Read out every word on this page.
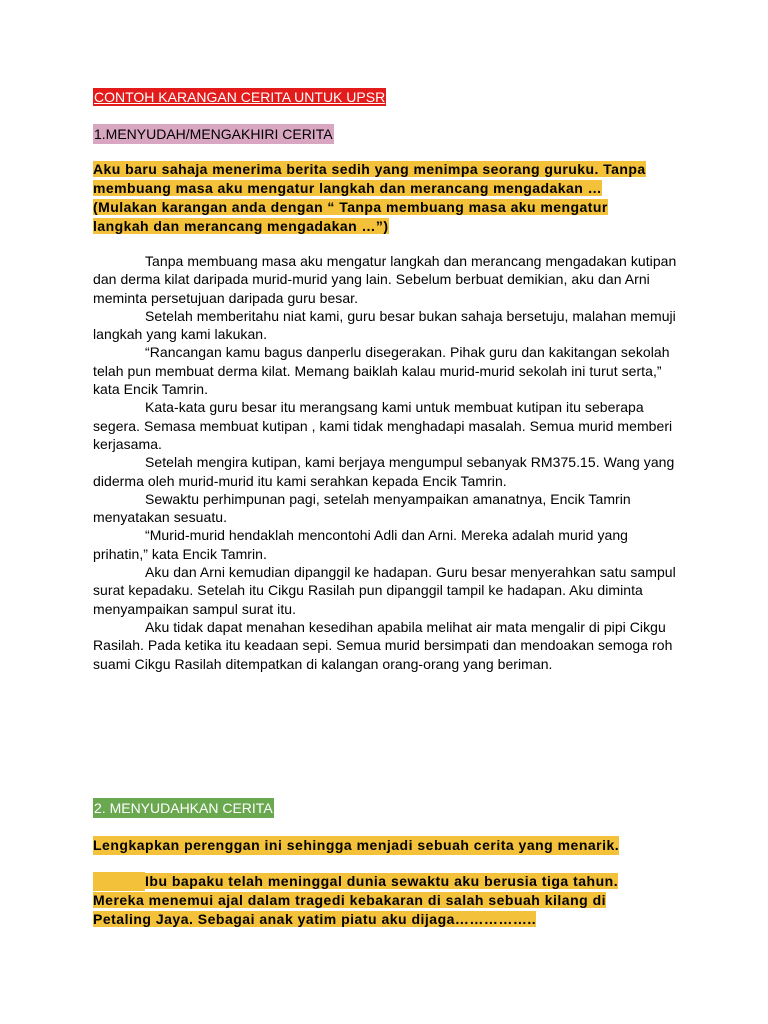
CONTOH KARANGAN CERITA UNTUK UPSR
1.MENYUDAH/MENGAKHIRI CERITA
Aku baru sahaja menerima berita sedih yang menimpa seorang guruku. Tanpa
membuang masa aku mengatur langkah dan merancang mengadakan …
(Mulakan karangan anda dengan “ Tanpa membuang masa aku mengatur
langkah dan merancang mengadakan …”)

Tanpa membuang masa aku mengatur langkah dan merancang mengadakan kutipan dan derma kilat daripada murid-murid yang lain. Sebelum berbuat demikian, aku dan Arni meminta persetujuan daripada guru besar.

Setelah memberitahu niat kami, guru besar bukan sahaja bersetuju, malahan memuji langkah yang kami lakukan.

“Rancangan kamu bagus danperlu disegerakan. Pihak guru dan kakitangan sekolah telah pun membuat derma kilat. Memang baiklah kalau murid-murid sekolah ini turut serta,” kata Encik Tamrin.

Kata-kata guru besar itu merangsang kami untuk membuat kutipan itu seberapa segera. Semasa membuat kutipan , kami tidak menghadapi masalah. Semua murid memberi kerjasama.

Setelah mengira kutipan, kami berjaya mengumpul sebanyak RM375.15. Wang yang diderma oleh murid-murid itu kami serahkan kepada Encik Tamrin.

Sewaktu perhimpunan pagi, setelah menyampaikan amanatnya, Encik Tamrin menyatakan sesuatu.

“Murid-murid hendaklah mencontohi Adli dan Arni. Mereka adalah murid yang prihatin,” kata Encik Tamrin.

Aku dan Arni kemudian dipanggil ke hadapan. Guru besar menyerahkan satu sampul surat kepadaku. Setelah itu Cikgu Rasilah pun dipanggil tampil ke hadapan. Aku diminta menyampaikan sampul surat itu.

Aku tidak dapat menahan kesedihan apabila melihat air mata mengalir di pipi Cikgu Rasilah. Pada ketika itu keadaan sepi. Semua murid bersimpati dan mendoakan semoga roh suami Cikgu Rasilah ditempatkan di kalangan orang-orang yang beriman.

2. MENYUDAHKAN CERITA
Lengkapkan perenggan ini sehingga menjadi sebuah cerita yang menarik.
Ibu bapaku telah meninggal dunia sewaktu aku berusia tiga tahun.
Mereka menemui ajal dalam tragedi kebakaran di salah sebuah kilang di
Petaling Jaya. Sebagai anak yatim piatu aku dijaga……………..
